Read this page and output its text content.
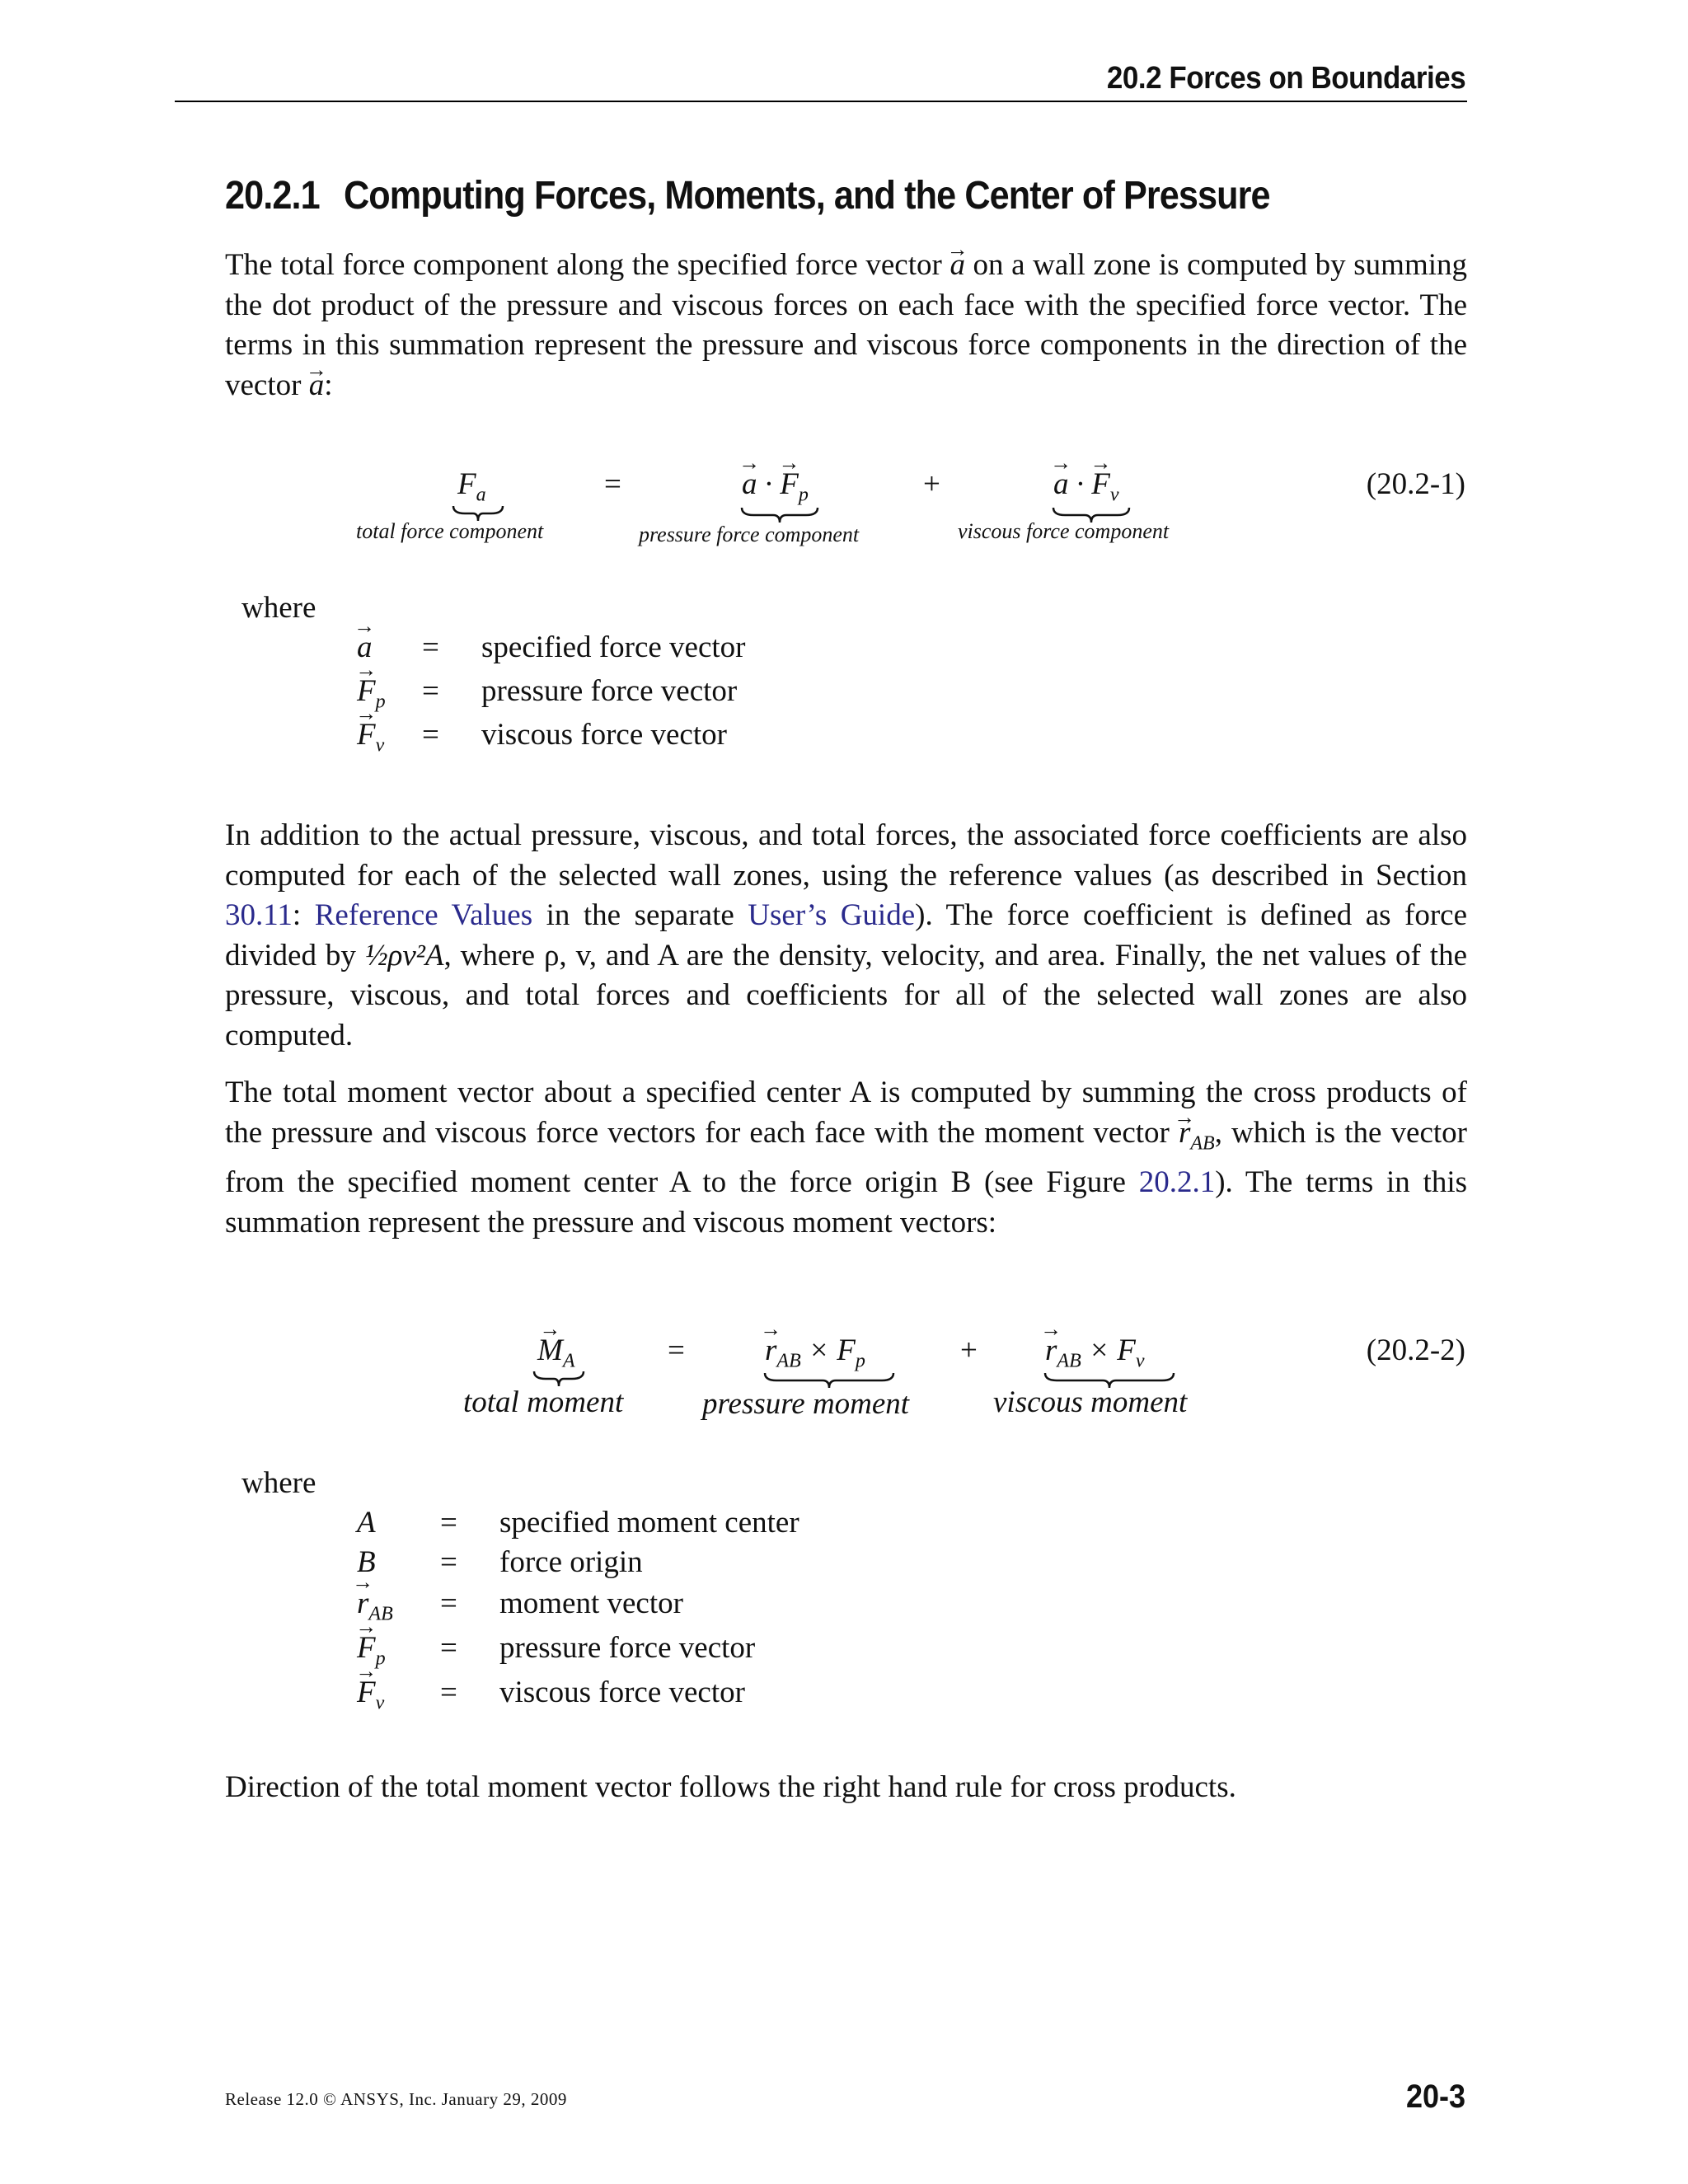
20.2 Forces on Boundaries
20.2.1 Computing Forces, Moments, and the Center of Pressure
The total force component along the specified force vector → a on a wall zone is computed by summing the dot product of the pressure and viscous forces on each face with the specified force vector. The terms in this summation represent the pressure and viscous force components in the direction of the vector → a:
$F_a$
total force component
=	→ a · → $F_p$
pressure force component
+	→ a · → $F_v$
viscous force component
(20.2-1)
where
→ a = specified force vector
→ $F_p$ = pressure force vector
→ $F_v$ = viscous force vector
In addition to the actual pressure, viscous, and total forces, the associated force coefficients are also computed for each of the selected wall zones, using the reference values (as described in Section 30.11: Reference Values in the separate User’s Guide). The force coefficient is defined as force divided by ½ρv²A, where ρ, v, and A are the density, velocity, and area. Finally, the net values of the pressure, viscous, and total forces and coefficients for all of the selected wall zones are also computed.
The total moment vector about a specified center A is computed by summing the cross products of the pressure and viscous force vectors for each face with the moment vector → $r_{AB}$, which is the vector from the specified moment center A to the force origin B (see Figure 20.2.1). The terms in this summation represent the pressure and viscous moment vectors:
→ $M_A$
total moment
=	→ $r_{AB} \times F_p$
pressure moment
+ → $r_{AB} \times F_v$
viscous moment
(20.2-2)
where
A = specified moment center
B = force origin
→ $r_{AB}$ = moment vector
→ $F_p$ = pressure force vector
→ $F_v$ = viscous force vector
Direction of the total moment vector follows the right hand rule for cross products.
Release 12.0 © ANSYS, Inc. January 29, 2009	20-3
